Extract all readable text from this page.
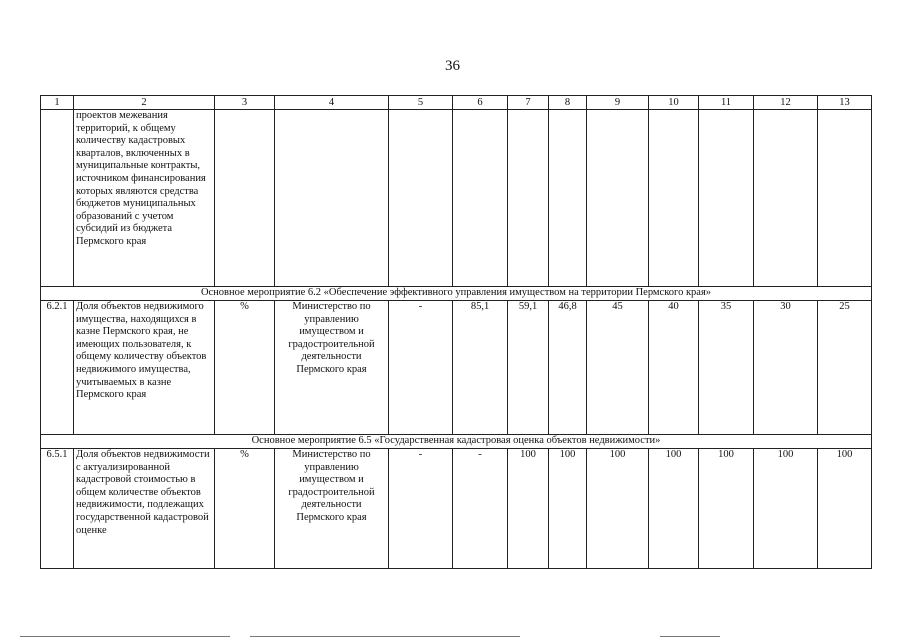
36
1	2	3	4	5	6	7	8	9	10	11	12	13
	проектов межевания территорий, к общему количеству кадастровых кварталов, включенных в муниципальные контракты, источником финансирования которых являются средства бюджетов муниципальных образований с учетом субсидий из бюджета Пермского края											
Основное мероприятие 6.2 «Обеспечение эффективного управления имуществом на территории Пермского края»												
6.2.1	Доля объектов недвижимого имущества, находящихся в казне Пермского края, не имеющих пользователя, к общему количеству объектов недвижимого имущества, учитываемых в казне Пермского края	%	Министерство по управлению имуществом и градостроительной деятельности Пермского края	-	85,1	59,1	46,8	45	40	35	30	25
Основное мероприятие 6.5 «Государственная кадастровая оценка объектов недвижимости»												
6.5.1	Доля объектов недвижимости с актуализированной кадастровой стоимостью в общем количестве объектов недвижимости, подлежащих государственной кадастровой оценке	%	Министерство по управлению имуществом и градостроительной деятельности Пермского края	-	-	100	100	100	100	100	100	100
